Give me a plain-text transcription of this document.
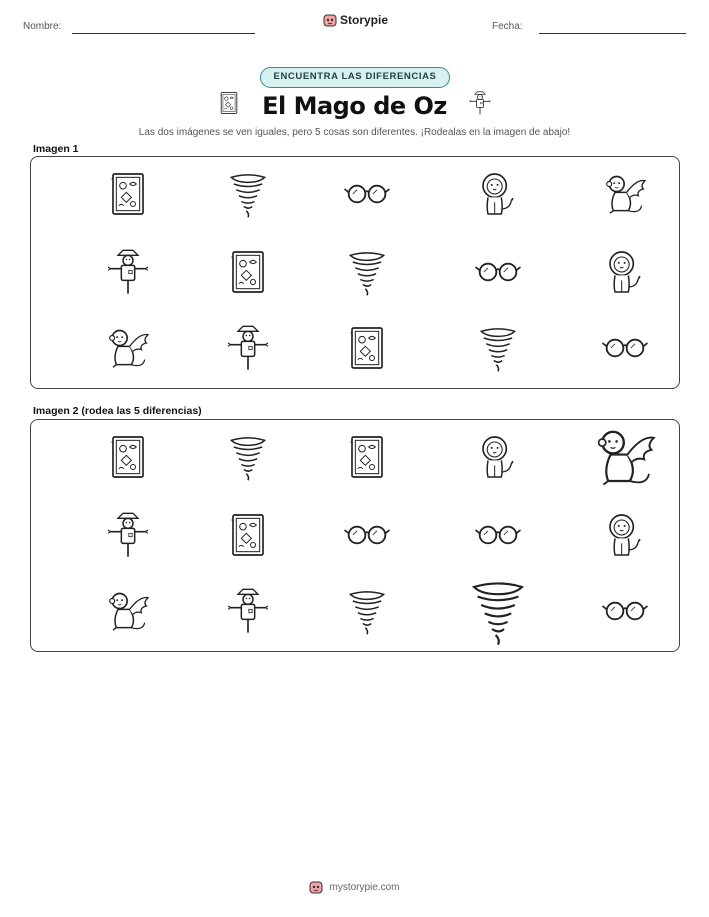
Nombre:	Storypie	Fecha:
ENCUENTRA LAS DIFERENCIAS
El Mago de Oz
Las dos imágenes se ven iguales, pero 5 cosas son diferentes. ¡Rodealas en la imagen de abajo!
Imagen 1
Imagen 2 (rodea las 5 diferencias)
mystorypie.com
